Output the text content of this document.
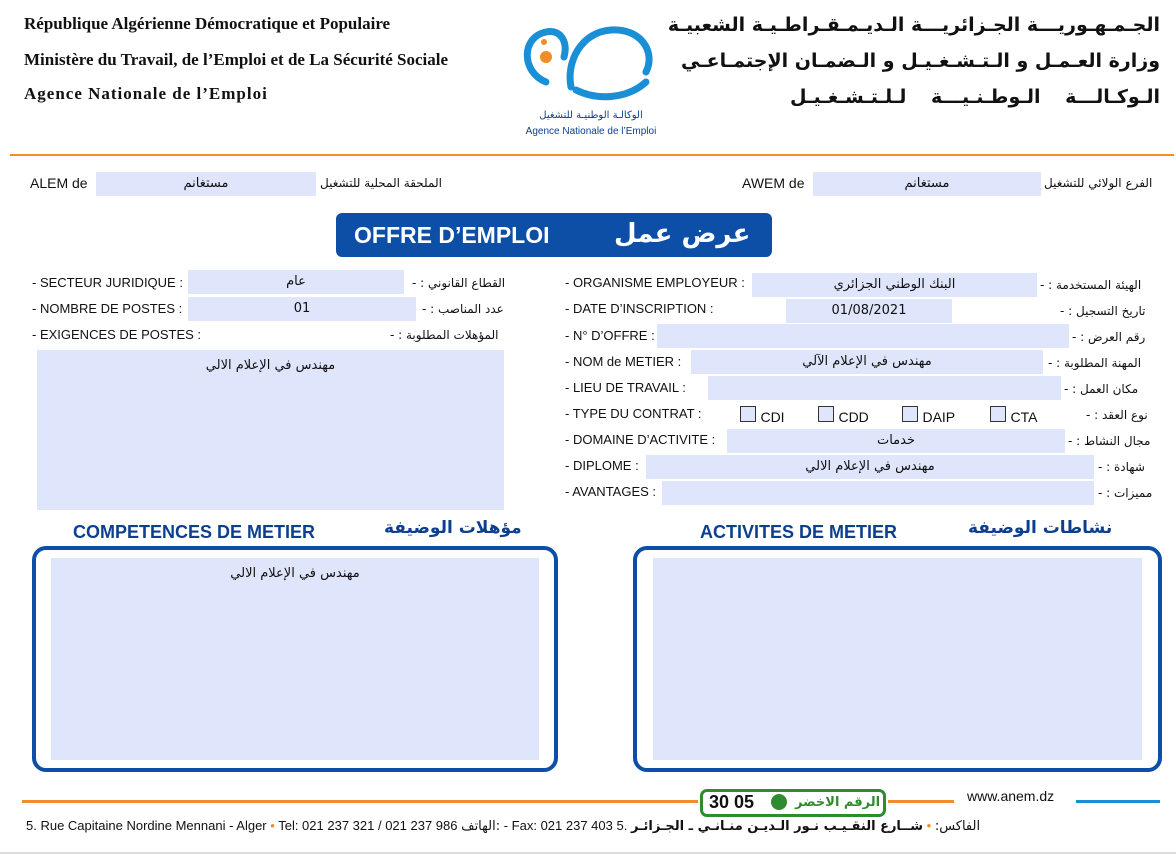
République Algérienne Démocratique et Populaire
Ministère du Travail, de l’Emploi et de La Sécurité Sociale
Agence Nationale de l’Emploi
الوكالـة الوطنيـة للتشغيل
Agence Nationale de l’Emploi
الجـمـهـوريـــة الجـزائريـــة الـديـمـقـراطـيـة الشعبيـة
وزارة العـمـل و الـتـشـغـيـل و الـضمـان الإجتمـاعـي
الـوكـالـــة الـوطـنـيـــة لـلـتـشـغـيـل
ALEM de	مستغانم	الملحقة المحلية للتشغيل	AWEM de	مستغانم	الفرع الولائي للتشغيل
OFFRE D’EMPLOI عرض عمل
- SECTEUR JURIDIQUE :	عام	القطاع القانوني : -
- NOMBRE DE POSTES :	01	عدد المناصب : -
- EXIGENCES DE POSTES :	المؤهلات المطلوبة : -
مهندس في الإعلام الالي
- ORGANISME EMPLOYEUR :	البنك الوطني الجزائري	الهيئة المستخدمة : -
- DATE D’INSCRIPTION :	01/08/2021	تاريخ التسجيل : -
- N° D’OFFRE :	رقم العرض : -
- NOM de METIER :	مهندس في الإعلام الآلي	المهنة المطلوبة : -
- LIEU DE TRAVAIL :	مكان العمل : -
- TYPE DU CONTRAT :	CDI	CDD	DAIP	CTA	نوع العقد : -
- DOMAINE D’ACTIVITE :	خدمات	مجال النشاط : -
- DIPLOME :	مهندس في الإعلام الالي	شهادة : -
- AVANTAGES :	مميزات : -
COMPETENCES DE METIER	مؤهلات الوضيفة	ACTIVITES DE METIER	نشاطات الوضيفة
مهندس في الإعلام الالي
30 05	الرقم الاخضر	www.anem.dz
5. Rue Capitaine Nordine Mennani - Alger • Tel: 021 237 321 / 021 237 986 الهاتف: - Fax: 021 237 403	الفاكس: • شــارع النقـيـب نـور الـديـن منـانـي ـ الجـزائـر .5
